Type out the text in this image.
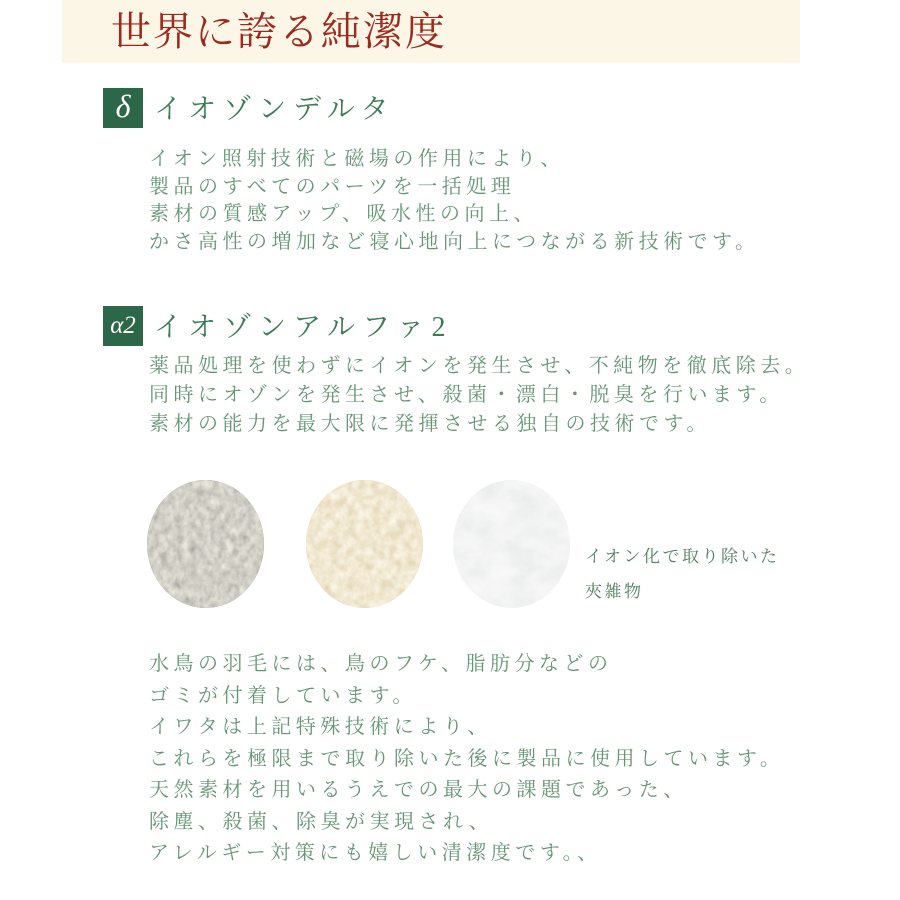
世界に誇る純潔度
δ イオゾンデルタ
イオン照射技術と磁場の作用により、
製品のすべてのパーツを一括処理
素材の質感アップ、吸水性の向上、
かさ高性の増加など寝心地向上につながる新技術です。
α2 イオゾンアルファ2
薬品処理を使わずにイオンを発生させ、不純物を徹底除去。
同時にオゾンを発生させ、殺菌・漂白・脱臭を行います。
素材の能力を最大限に発揮させる独自の技術です。

イオン化で取り除いた
夾雑物

水鳥の羽毛には、鳥のフケ、脂肪分などの
ゴミが付着しています。
イワタは上記特殊技術により、
これらを極限まで取り除いた後に製品に使用しています。
天然素材を用いるうえでの最大の課題であった、
除塵、殺菌、除臭が実現され、
アレルギー対策にも嬉しい清潔度です。、
